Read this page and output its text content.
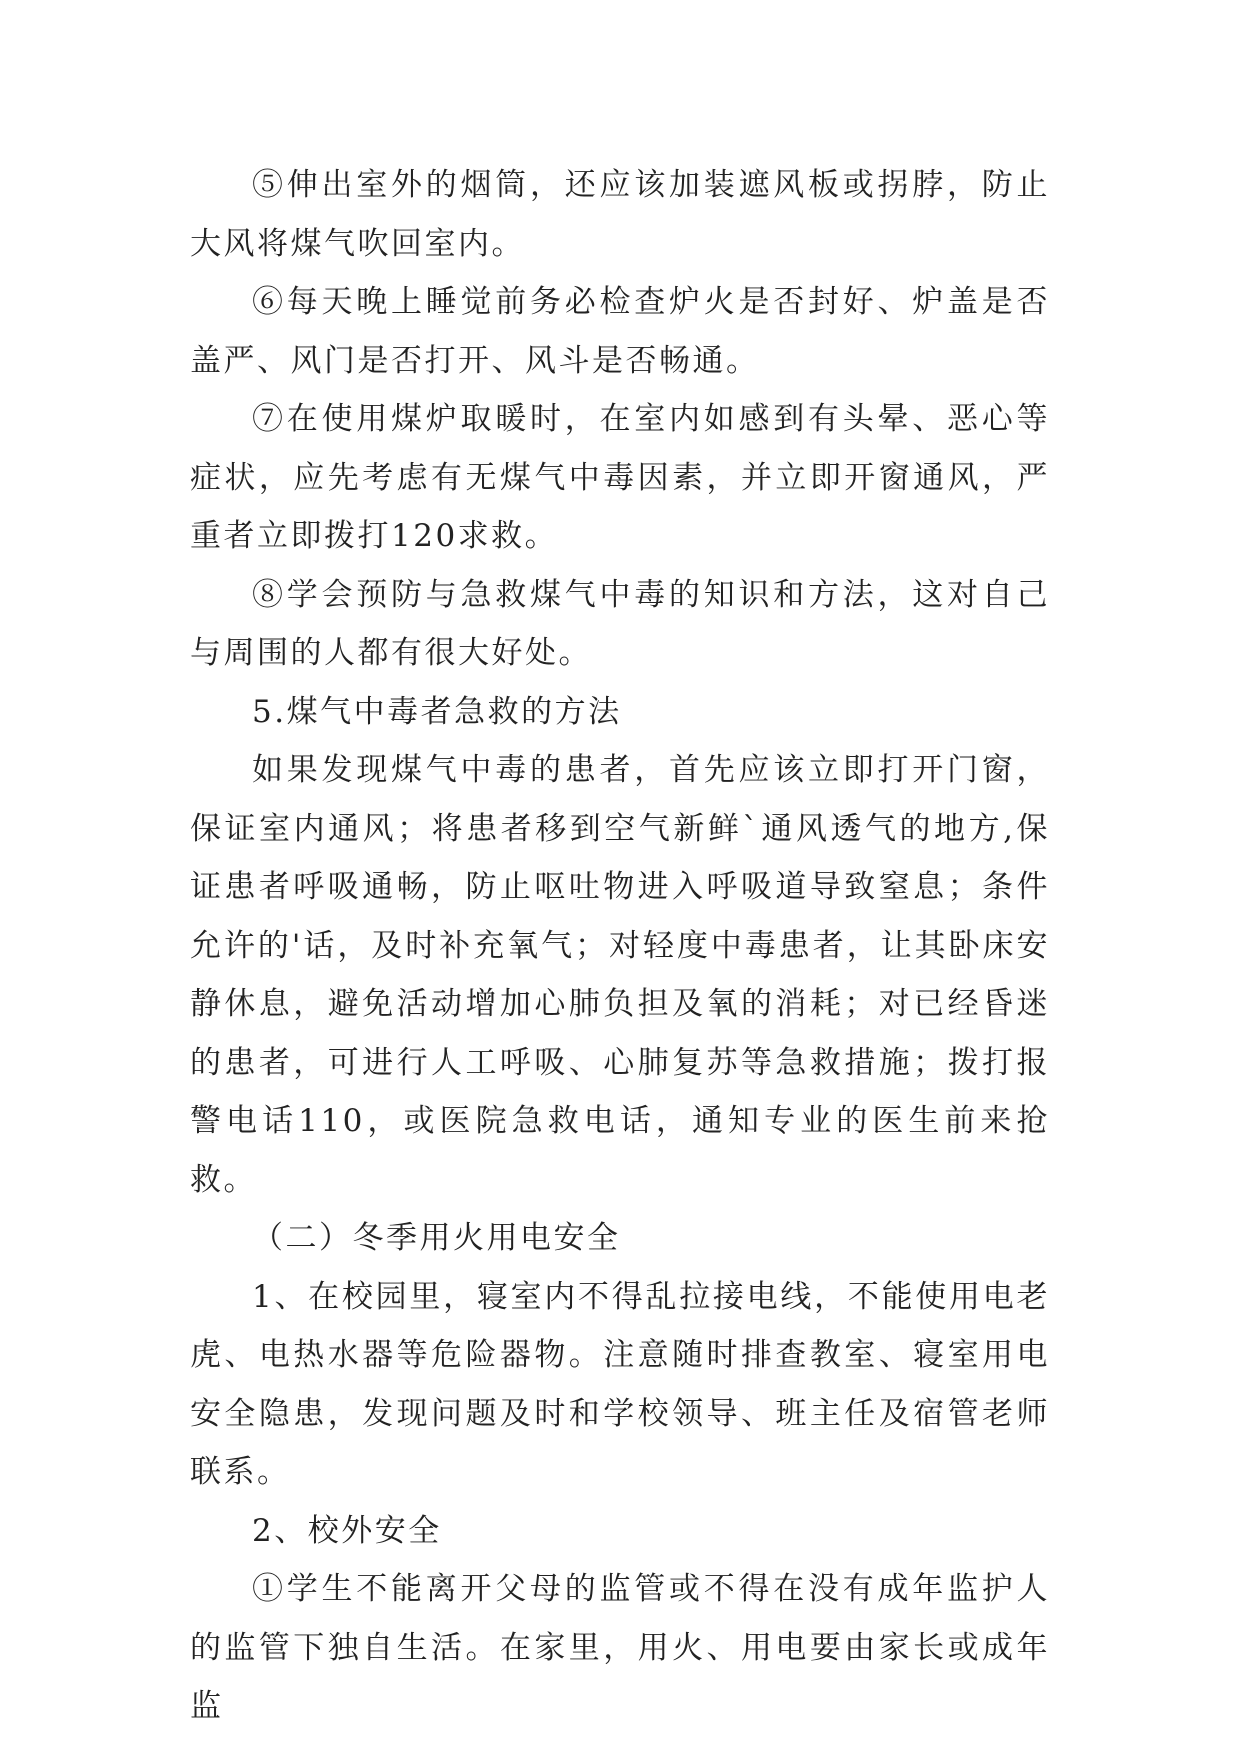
⑤伸出室外的烟筒，还应该加装遮风板或拐脖，防止大风将煤气吹回室内。

⑥每天晚上睡觉前务必检查炉火是否封好、炉盖是否盖严、风门是否打开、风斗是否畅通。

⑦在使用煤炉取暖时，在室内如感到有头晕、恶心等症状，应先考虑有无煤气中毒因素，并立即开窗通风，严重者立即拨打120求救。

⑧学会预防与急救煤气中毒的知识和方法，这对自己与周围的人都有很大好处。

5.煤气中毒者急救的方法

如果发现煤气中毒的患者，首先应该立即打开门窗，保证室内通风；将患者移到空气新鲜`通风透气的地方,保证患者呼吸通畅，防止呕吐物进入呼吸道导致窒息；条件允许的'话，及时补充氧气；对轻度中毒患者，让其卧床安静休息，避免活动增加心肺负担及氧的消耗；对已经昏迷的患者，可进行人工呼吸、心肺复苏等急救措施；拨打报警电话110，或医院急救电话，通知专业的医生前来抢救。

（二）冬季用火用电安全

1、在校园里，寝室内不得乱拉接电线，不能使用电老虎、电热水器等危险器物。注意随时排查教室、寝室用电安全隐患，发现问题及时和学校领导、班主任及宿管老师联系。

2、校外安全

①学生不能离开父母的监管或不得在没有成年监护人的监管下独自生活。在家里，用火、用电要由家长或成年监
